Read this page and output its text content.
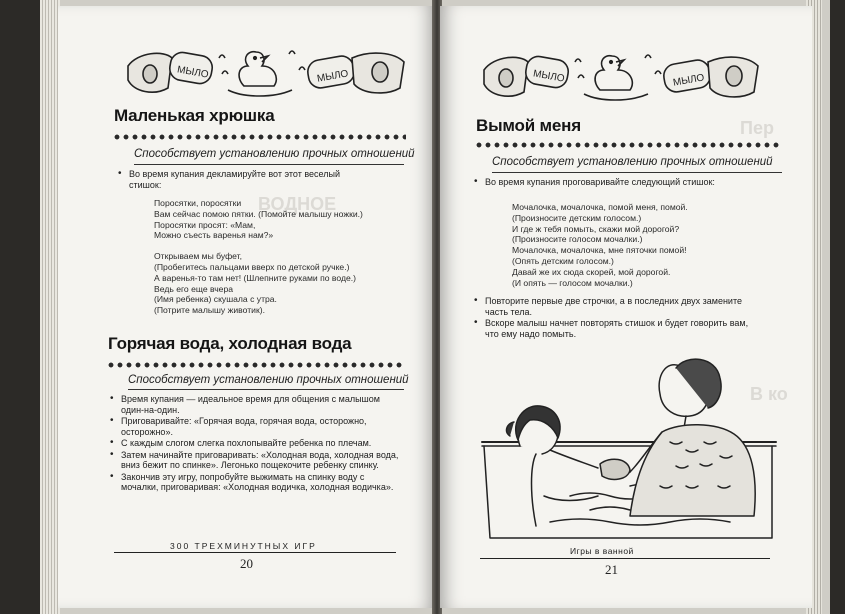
ВОДНОЕ
МЫЛО	МЫЛО
Маленькая хрюшка
Способствует установлению прочных отношений
• Во время купания декламируйте вот этот веселый стишок:
Поросятки, поросятки
Вам сейчас помою пятки. (Помойте малышу ножки.)
Поросятки просят: «Мам,
Можно съесть варенья нам?»
Открываем мы буфет,
(Пробегитесь пальцами вверх по детской ручке.)
А варенья-то там нет! (Шлепните руками по воде.)
Ведь его еще вчера
(Имя ребенка) скушала с утра.
(Потрите малышу животик).
Горячая вода, холодная вода
Способствует установлению прочных отношений
• Время купания — идеальное время для общения с малышом один-на-один.
• Приговаривайте: «Горячая вода, горячая вода, осторожно, осторожно».
• С каждым слогом слегка похлопывайте ребенка по плечам.
• Затем начинайте приговаривать: «Холодная вода, холодная вода, вниз бежит по спинке». Легонько пощекочите ребенку спинку.
• Закончив эту игру, попробуйте выжимать на спинку воду с мочалки, приговаривая: «Холодная водичка, холодная водичка».
300 ТРЕХМИНУТНЫХ ИГР
20
Пер
В ко
МЫЛО	МЫЛО
Вымой меня
Способствует установлению прочных отношений
• Во время купания проговаривайте следующий стишок:
Мочалочка, мочалочка, помой меня, помой.
(Произносите детским голосом.)
И где ж тебя помыть, скажи мой дорогой?
(Произносите голосом мочалки.)
Мочалочка, мочалочка, мне пяточки помой!
(Опять детским голосом.)
Давай же их сюда скорей, мой дорогой.
(И опять — голосом мочалки.)
• Повторите первые две строчки, а в последних двух замените часть тела.
• Вскоре малыш начнет повторять стишок и будет говорить вам, что ему надо помыть.
Игры в ванной
21
